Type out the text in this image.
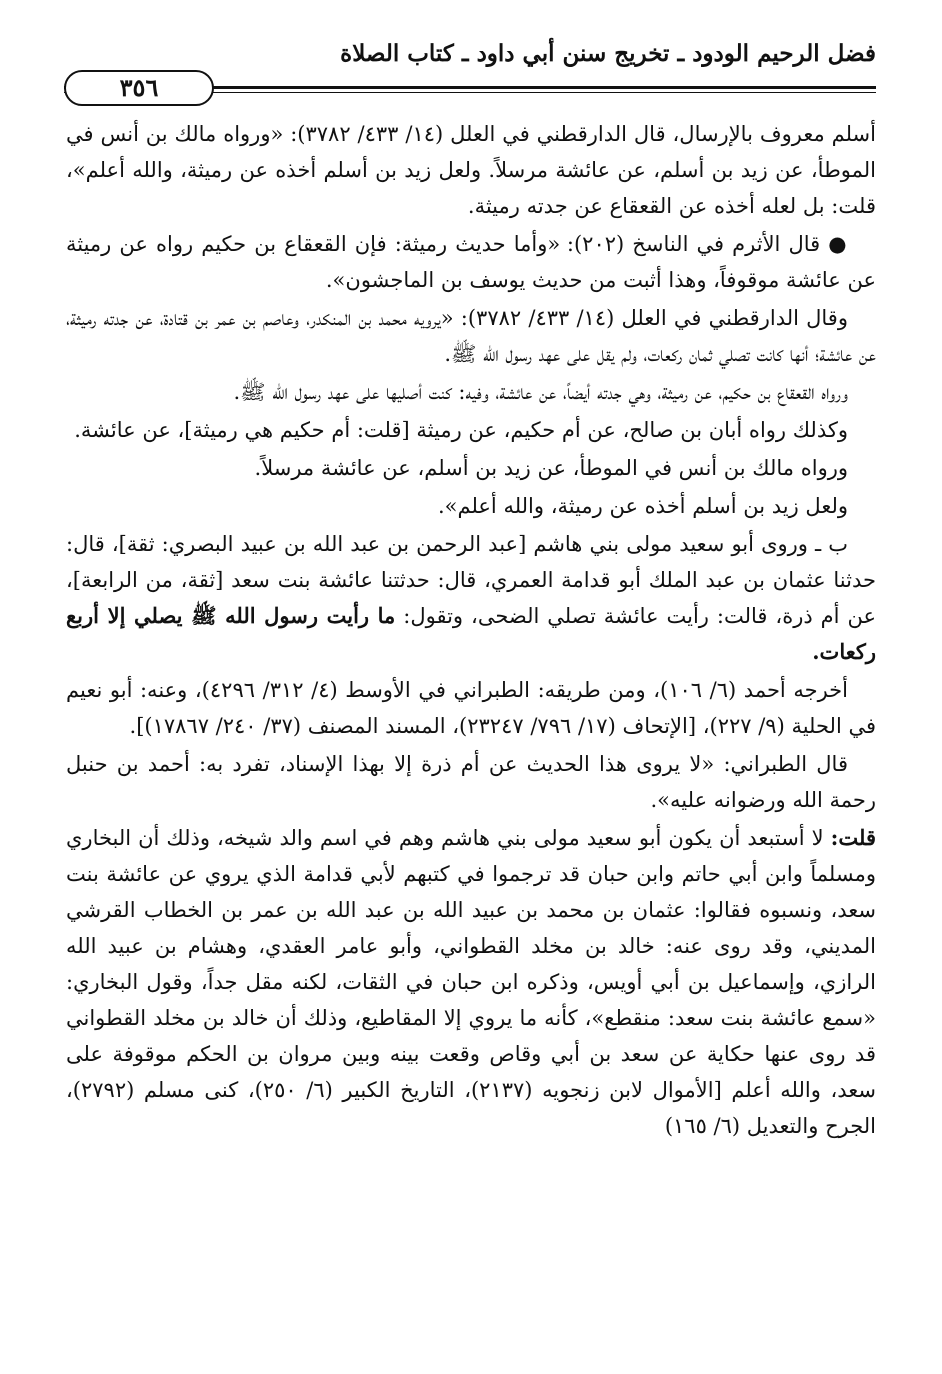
فضل الرحيم الودود ـ تخريج سنن أبي داود ـ كتاب الصلاة
٣٥٦

أسلم معروف بالإرسال، قال الدارقطني في العلل (١٤/ ٤٣٣/ ٣٧٨٢): «ورواه مالك بن أنس في الموطأ، عن زيد بن أسلم، عن عائشة مرسلاً. ولعل زيد بن أسلم أخذه عن رميثة، والله أعلم»، قلت: بل لعله أخذه عن القعقاع عن جدته رميثة.

● قال الأثرم في الناسخ (٢٠٢): «وأما حديث رميثة: فإن القعقاع بن حكيم رواه عن رميثة عن عائشة موقوفاً، وهذا أثبت من حديث يوسف بن الماجشون».

وقال الدارقطني في العلل (١٤/ ٤٣٣/ ٣٧٨٢): «يرويه محمد بن المنكدر، وعاصم بن عمر بن قتادة، عن جدته رميثة، عن عائشة؛ أنها كانت تصلي ثمان ركعات، ولم يقل على عهد رسول الله ﷺ.

ورواه القعقاع بن حكيم، عن رميثة، وهي جدته أيضاً، عن عائشة، وفيه: كنت أصليها على عهد رسول الله ﷺ.

وكذلك رواه أبان بن صالح، عن أم حكيم، عن رميثة [قلت: أم حكيم هي رميثة]، عن عائشة.

ورواه مالك بن أنس في الموطأ، عن زيد بن أسلم، عن عائشة مرسلاً.

ولعل زيد بن أسلم أخذه عن رميثة، والله أعلم».

ب ـ وروى أبو سعيد مولى بني هاشم [عبد الرحمن بن عبد الله بن عبيد البصري: ثقة]، قال: حدثنا عثمان بن عبد الملك أبو قدامة العمري، قال: حدثتنا عائشة بنت سعد [ثقة، من الرابعة]، عن أم ذرة، قالت: رأيت عائشة تصلي الضحى، وتقول: ما رأيت رسول الله ﷺ يصلي إلا أربع ركعات.

أخرجه أحمد (٦/ ١٠٦)، ومن طريقه: الطبراني في الأوسط (٤/ ٣١٢/ ٤٢٩٦)، وعنه: أبو نعيم في الحلية (٩/ ٢٢٧)، [الإتحاف (١٧/ ٧٩٦/ ٢٣٢٤٧)، المسند المصنف (٣٧/ ٢٤٠/ ١٧٨٦٧)].

قال الطبراني: «لا يروى هذا الحديث عن أم ذرة إلا بهذا الإسناد، تفرد به: أحمد بن حنبل رحمة الله ورضوانه عليه».

قلت: لا أستبعد أن يكون أبو سعيد مولى بني هاشم وهم في اسم والد شيخه، وذلك أن البخاري ومسلماً وابن أبي حاتم وابن حبان قد ترجموا في كتبهم لأبي قدامة الذي يروي عن عائشة بنت سعد، ونسبوه فقالوا: عثمان بن محمد بن عبيد الله بن عبد الله بن عمر بن الخطاب القرشي المديني، وقد روى عنه: خالد بن مخلد القطواني، وأبو عامر العقدي، وهشام بن عبيد الله الرازي، وإسماعيل بن أبي أويس، وذكره ابن حبان في الثقات، لكنه مقل جداً، وقول البخاري: «سمع عائشة بنت سعد: منقطع»، كأنه ما يروي إلا المقاطيع، وذلك أن خالد بن مخلد القطواني قد روى عنها حكاية عن سعد بن أبي وقاص وقعت بينه وبين مروان بن الحكم موقوفة على سعد، والله أعلم [الأموال لابن زنجويه (٢١٣٧)، التاريخ الكبير (٦/ ٢٥٠)، كنى مسلم (٢٧٩٢)، الجرح والتعديل (٦/ ١٦٥)
